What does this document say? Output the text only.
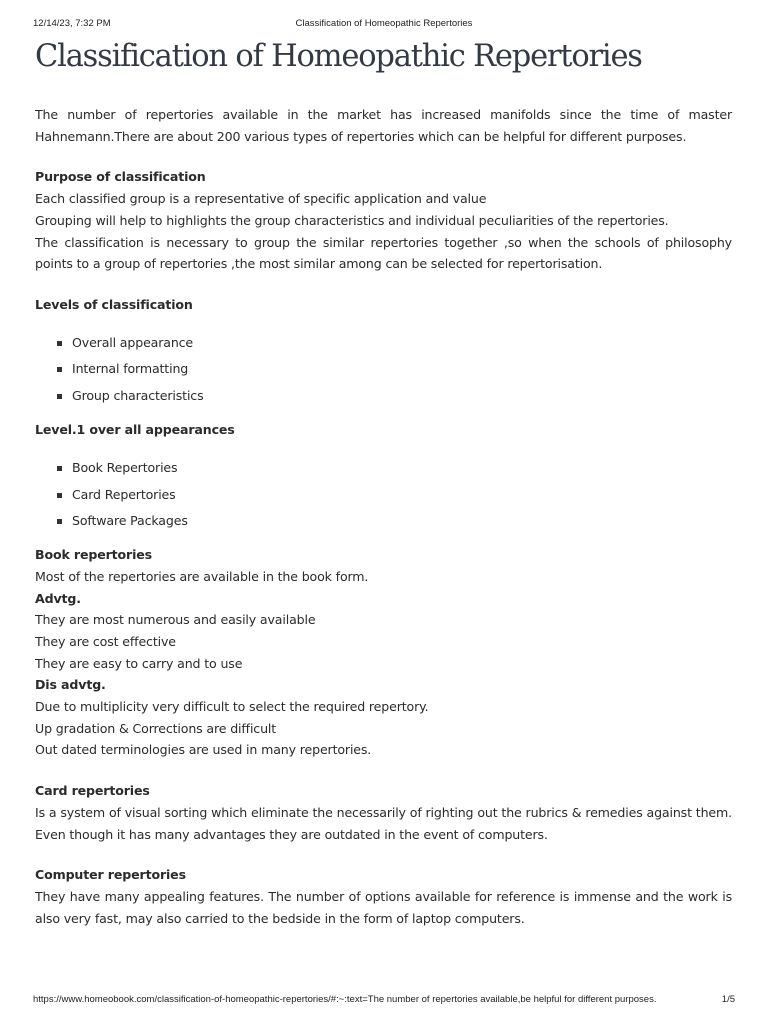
12/14/23, 7:32 PM	Classification of Homeopathic Repertories
Classification of Homeopathic Repertories

The number of repertories available in the market has increased manifolds since the time of master Hahnemann.There are about 200 various types of repertories which can be helpful for different purposes.

Purpose of classification

Each classified group is a representative of specific application and value

Grouping will help to highlights the group characteristics and individual peculiarities of the repertories.

The classification is necessary to group the similar repertories together ,so when the schools of philosophy points to a group of repertories ,the most similar among can be selected for repertorisation.

Levels of classification

Overall appearance
Internal formatting
Group characteristics

Level.1 over all appearances

Book Repertories
Card Repertories
Software Packages

Book repertories

Most of the repertories are available in the book form.

Advtg.

They are most numerous and easily available

They are cost effective

They are easy to carry and to use

Dis advtg.

Due to multiplicity very difficult to select the required repertory.

Up gradation & Corrections are difficult

Out dated terminologies are used in many repertories.

Card repertories

Is a system of visual sorting which eliminate the necessarily of righting out the rubrics & remedies against them. Even though it has many advantages they are outdated in the event of computers.

Computer repertories

They have many appealing features. The number of options available for reference is immense and the work is also very fast, may also carried to the bedside in the form of laptop computers.

https://www.homeobook.com/classification-of-homeopathic-repertories/#:~:text=The number of repertories available,be helpful for different purposes.	1/5
